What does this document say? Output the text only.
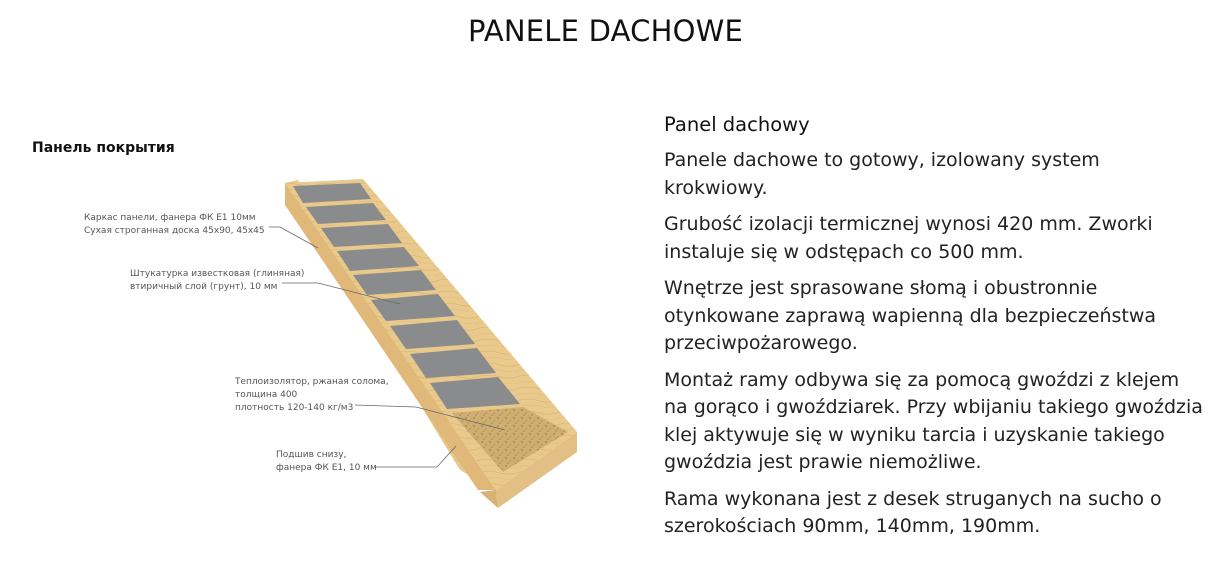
PANELE DACHOWE
Панель покрытия
Каркас панели, фанера ФК Е1 10мм
Сухая строганная доска 45х90, 45х45
Штукатурка известковая (глиняная)
втиричный слой (грунт), 10 мм
Теплоизолятор, ржаная солома,
толщина 400
плотность 120-140 кг/м3
Подшив снизу,
фанера ФК Е1, 10 мм
Panel dachowy

Panele dachowe to gotowy, izolowany system krokwiowy.

Grubość izolacji termicznej wynosi 420 mm. Zworki instaluje się w odstępach co 500 mm.

Wnętrze jest sprasowane słomą i obustronnie otynkowane zaprawą wapienną dla bezpieczeństwa przeciwpożarowego.

Montaż ramy odbywa się za pomocą gwoździ z klejem na gorąco i gwoździarek. Przy wbijaniu takiego gwoździa klej aktywuje się w wyniku tarcia i uzyskanie takiego gwoździa jest prawie niemożliwe.

Rama wykonana jest z desek struganych na sucho o szerokościach 90mm, 140mm, 190mm.
